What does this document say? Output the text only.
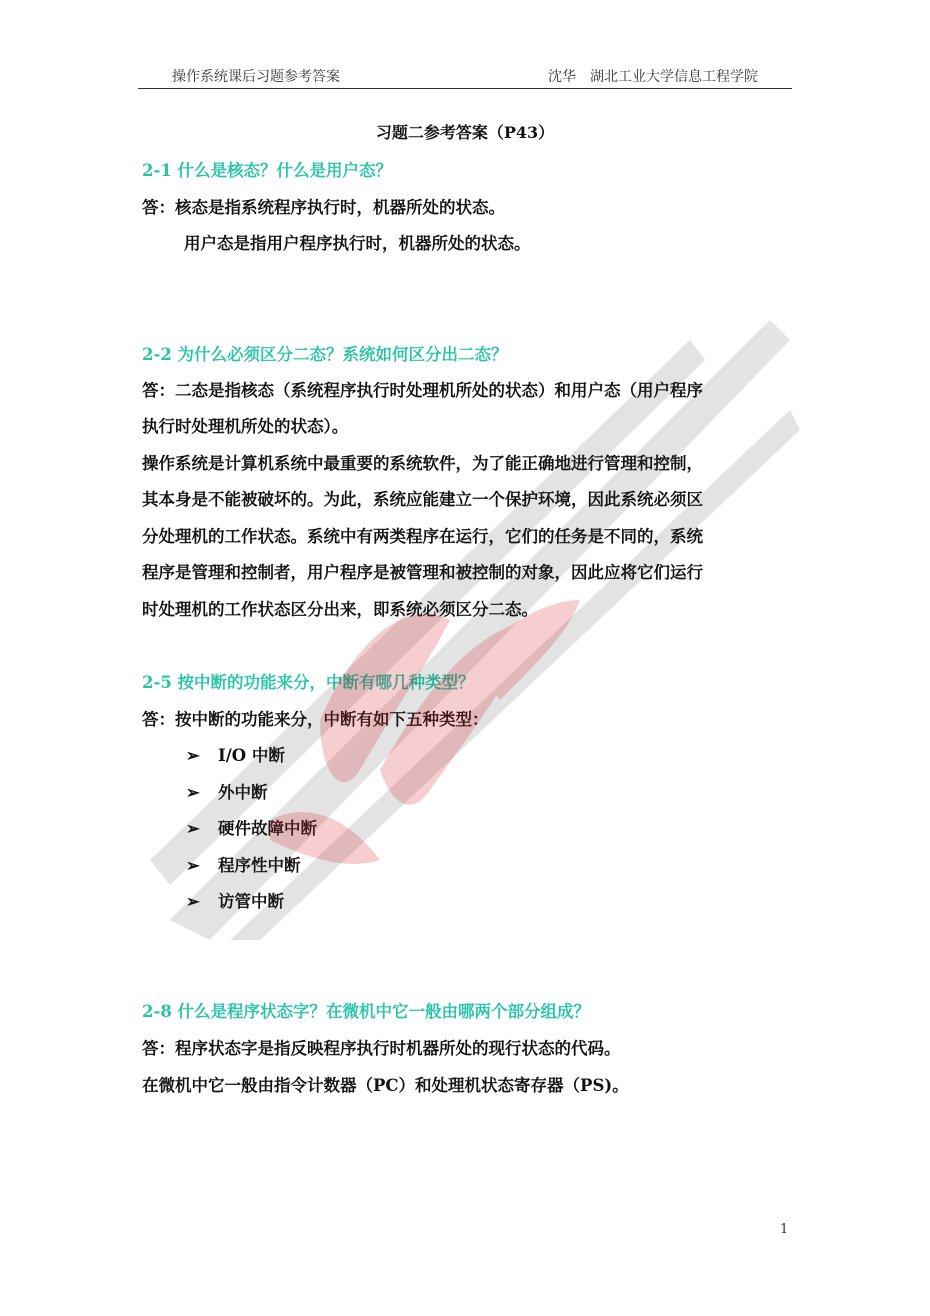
操作系统课后习题参考答案	沈华　湖北工业大学信息工程学院
习题二参考答案（P43）
2-1 什么是核态？什么是用户态？
答：核态是指系统程序执行时，机器所处的状态。
用户态是指用户程序执行时，机器所处的状态。
2-2 为什么必须区分二态？系统如何区分出二态？
答：二态是指核态（系统程序执行时处理机所处的状态）和用户态（用户程序
执行时处理机所处的状态）。
操作系统是计算机系统中最重要的系统软件，为了能正确地进行管理和控制，
其本身是不能被破坏的。为此，系统应能建立一个保护环境，因此系统必须区
分处理机的工作状态。系统中有两类程序在运行，它们的任务是不同的，系统
程序是管理和控制者，用户程序是被管理和被控制的对象，因此应将它们运行
时处理机的工作状态区分出来，即系统必须区分二态。
2-5 按中断的功能来分，中断有哪几种类型？
答：按中断的功能来分，中断有如下五种类型：
➢ I/O 中断
➢ 外中断
➢ 硬件故障中断
➢ 程序性中断
➢ 访管中断
2-8 什么是程序状态字？在微机中它一般由哪两个部分组成？
答：程序状态字是指反映程序执行时机器所处的现行状态的代码。
在微机中它一般由指令计数器（PC）和处理机状态寄存器（PS)。
1
